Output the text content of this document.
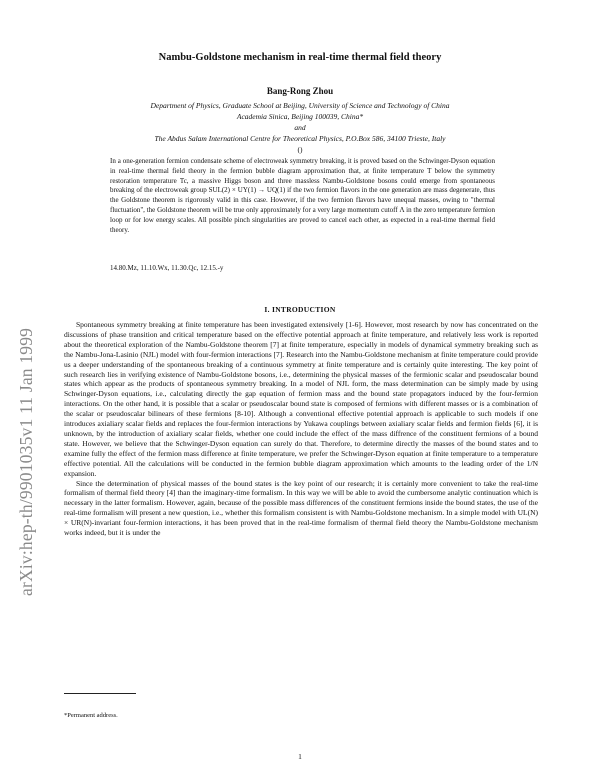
arXiv:hep-th/9901035v1 11 Jan 1999
Nambu-Goldstone mechanism in real-time thermal field theory
Bang-Rong Zhou
Department of Physics, Graduate School at Beijing, University of Science and Technology of China
Academia Sinica, Beijing 100039, China*
and
The Abdus Salam International Centre for Theoretical Physics, P.O.Box 586, 34100 Trieste, Italy
()
In a one-generation fermion condensate scheme of electroweak symmetry breaking, it is proved based on the Schwinger-Dyson equation in real-time thermal field theory in the fermion bubble diagram approximation that, at finite temperature T below the symmetry restoration temperature Tc, a massive Higgs boson and three massless Nambu-Goldstone bosons could emerge from spontaneous breaking of the electroweak group SUL(2) × UY(1) → UQ(1) if the two fermion flavors in the one generation are mass degenerate, thus the Goldstone theorem is rigorously valid in this case. However, if the two fermion flavors have unequal masses, owing to "thermal fluctuation", the Goldstone theorem will be true only approximately for a very large momentum cutoff Λ in the zero temperature fermion loop or for low energy scales. All possible pinch singularities are proved to cancel each other, as expected in a real-time thermal field theory.
14.80.Mz, 11.10.Wx, 11.30.Qc, 12.15.-y
I. INTRODUCTION

Spontaneous symmetry breaking at finite temperature has been investigated extensively [1-6]. However, most research by now has concentrated on the discussions of phase transition and critical temperature based on the effective potential approach at finite temperature, and relatively less work is reported about the theoretical exploration of the Nambu-Goldstone theorem [7] at finite temperature, especially in models of dynamical symmetry breaking such as the Nambu-Jona-Lasinio (NJL) model with four-fermion interactions [7]. Research into the Nambu-Goldstone mechanism at finite temperature could provide us a deeper understanding of the spontaneous breaking of a continuous symmetry at finite temperature and is certainly quite interesting. The key point of such research lies in verifying existence of Nambu-Goldstone bosons, i.e., determining the physical masses of the fermionic scalar and pseudoscalar bound states which appear as the products of spontaneous symmetry breaking. In a model of NJL form, the mass determination can be simply made by using Schwinger-Dyson equations, i.e., calculating directly the gap equation of fermion mass and the bound state propagators induced by the four-fermion interactions. On the other hand, it is possible that a scalar or pseudoscalar bound state is composed of fermions with different masses or is a combination of the scalar or pseudoscalar bilinears of these fermions [8-10]. Although a conventional effective potential approach is applicable to such models if one introduces axialiary scalar fields and replaces the four-fermion interactions by Yukawa couplings between axialiary scalar fields and fermion fields [6], it is unknown, by the introduction of axialiary scalar fields, whether one could include the effect of the mass diffrence of the constituent fermions of a bound state. However, we believe that the Schwinger-Dyson equation can surely do that. Therefore, to determine directly the masses of the bound states and to examine fully the effect of the fermion mass difference at finite temperature, we prefer the Schwinger-Dyson equation at finite temperature to a temperature effective potential. All the calculations will be conducted in the fermion bubble diagram approximation which amounts to the leading order of the 1/N expansion.

Since the determination of physical masses of the bound states is the key point of our research; it is certainly more convenient to take the real-time formalism of thermal field theory [4] than the imaginary-time formalism. In this way we will be able to avoid the cumbersome analytic continuation which is necessary in the latter formalism. However, again, because of the possible mass differences of the constituent fermions inside the bound states, the use of the real-time formalism will present a new question, i.e., whether this formalism consistent is with Nambu-Goldstone mechanism. In a simple model with UL(N) × UR(N)-invariant four-fermion interactions, it has been proved that in the real-time formalism of thermal field theory the Nambu-Goldstone mechanism works indeed, but it is under the

*Permanent address.
1
